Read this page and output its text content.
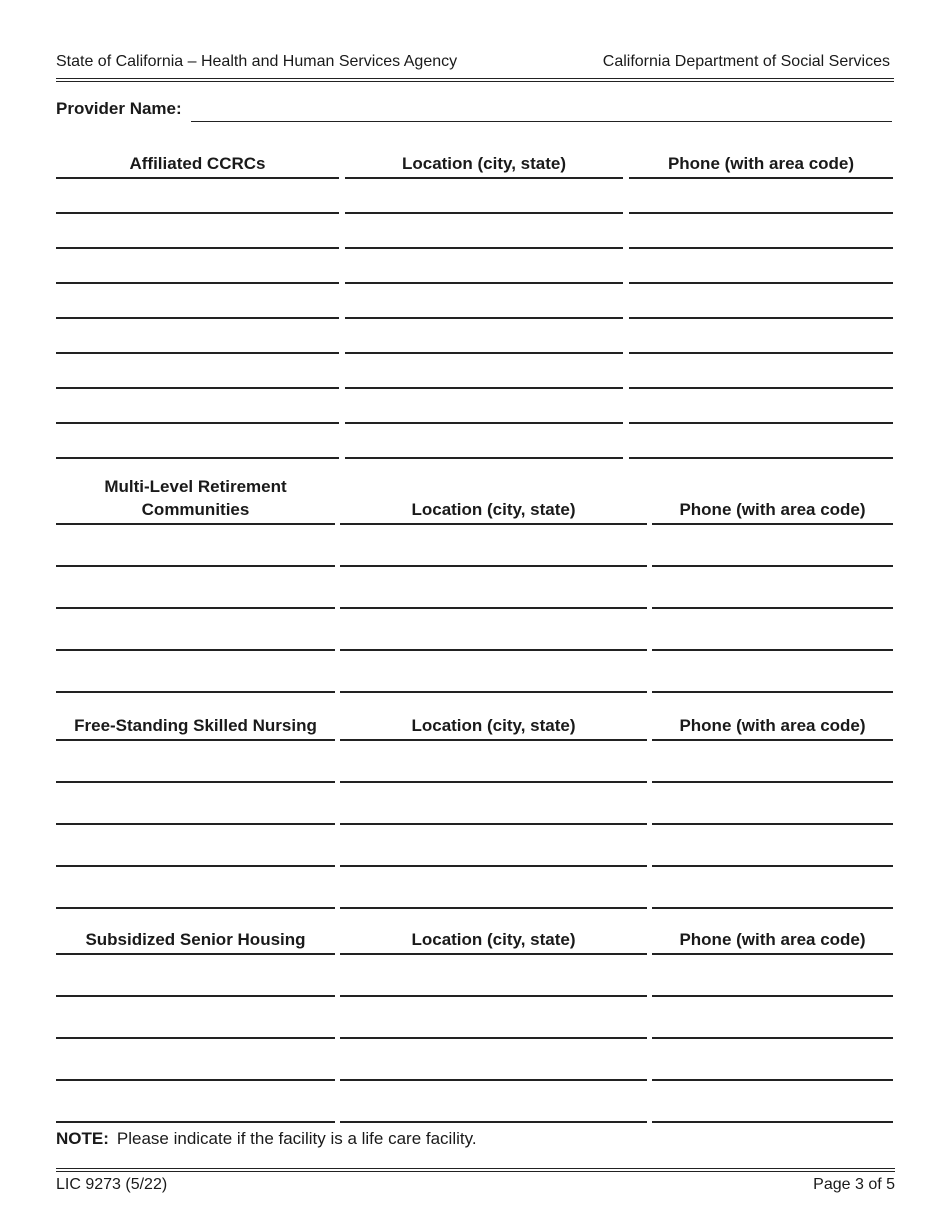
State of California – Health and Human Services Agency	California Department of Social Services
Provider Name:
Affiliated CCRCs	Location (city, state)	Phone (with area code)
Multi-Level Retirement Communities	Location (city, state)	Phone (with area code)
Free-Standing Skilled Nursing	Location (city, state)	Phone (with area code)
Subsidized Senior Housing	Location (city, state)	Phone (with area code)
NOTE: Please indicate if the facility is a life care facility.
LIC 9273 (5/22)	Page 3 of 5
